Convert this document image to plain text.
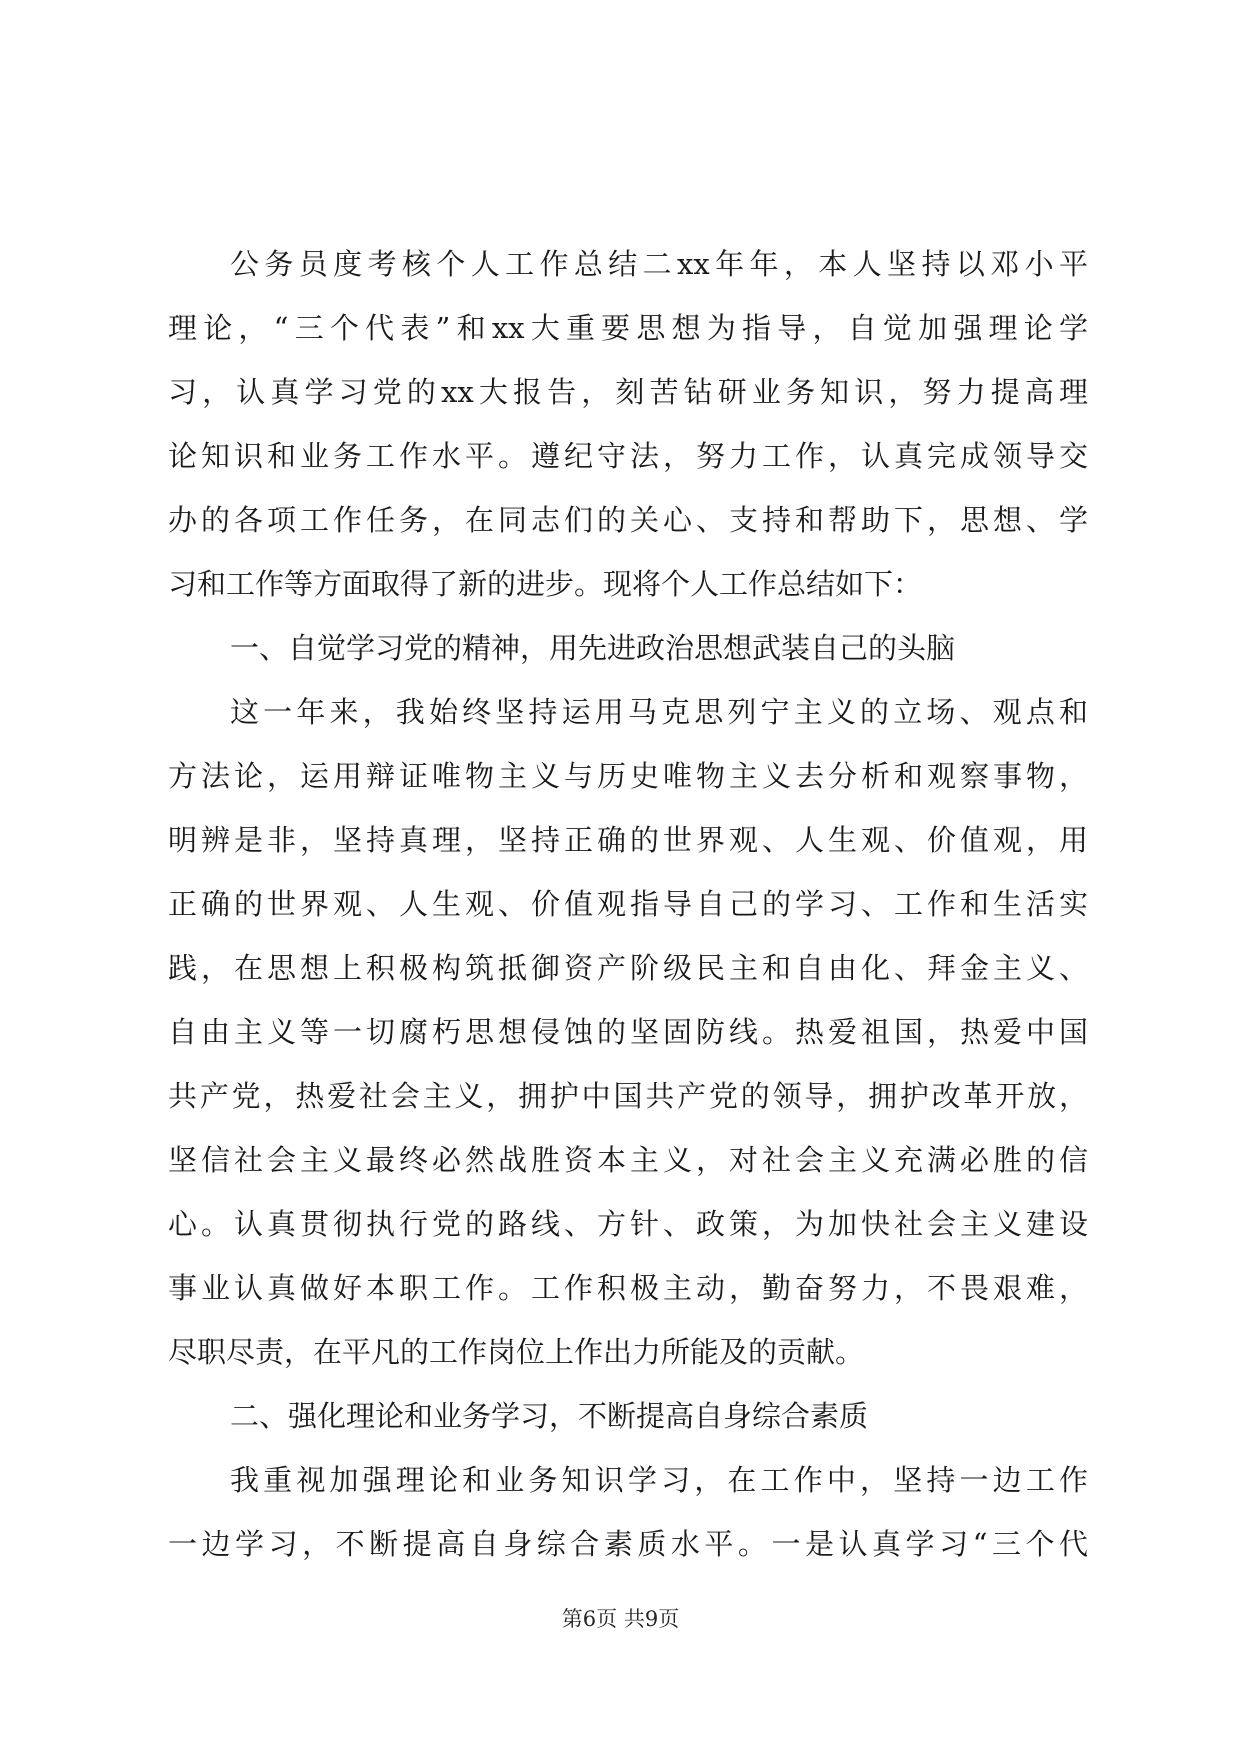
公务员度考核个人工作总结二xx年年，本人坚持以邓小平
理论，“三个代表”和xx大重要思想为指导，自觉加强理论学
习，认真学习党的xx大报告，刻苦钻研业务知识，努力提高理
论知识和业务工作水平。遵纪守法，努力工作，认真完成领导交
办的各项工作任务，在同志们的关心、支持和帮助下，思想、学
习和工作等方面取得了新的进步。现将个人工作总结如下：
一、自觉学习党的精神，用先进政治思想武装自己的头脑
这一年来，我始终坚持运用马克思列宁主义的立场、观点和
方法论，运用辩证唯物主义与历史唯物主义去分析和观察事物，
明辨是非，坚持真理，坚持正确的世界观、人生观、价值观，用
正确的世界观、人生观、价值观指导自己的学习、工作和生活实
践，在思想上积极构筑抵御资产阶级民主和自由化、拜金主义、
自由主义等一切腐朽思想侵蚀的坚固防线。热爱祖国，热爱中国
共产党，热爱社会主义，拥护中国共产党的领导，拥护改革开放，
坚信社会主义最终必然战胜资本主义，对社会主义充满必胜的信
心。认真贯彻执行党的路线、方针、政策，为加快社会主义建设
事业认真做好本职工作。工作积极主动，勤奋努力，不畏艰难，
尽职尽责，在平凡的工作岗位上作出力所能及的贡献。
二、强化理论和业务学习，不断提高自身综合素质
我重视加强理论和业务知识学习，在工作中，坚持一边工作
一边学习，不断提高自身综合素质水平。一是认真学习“三个代
第6页 共9页
